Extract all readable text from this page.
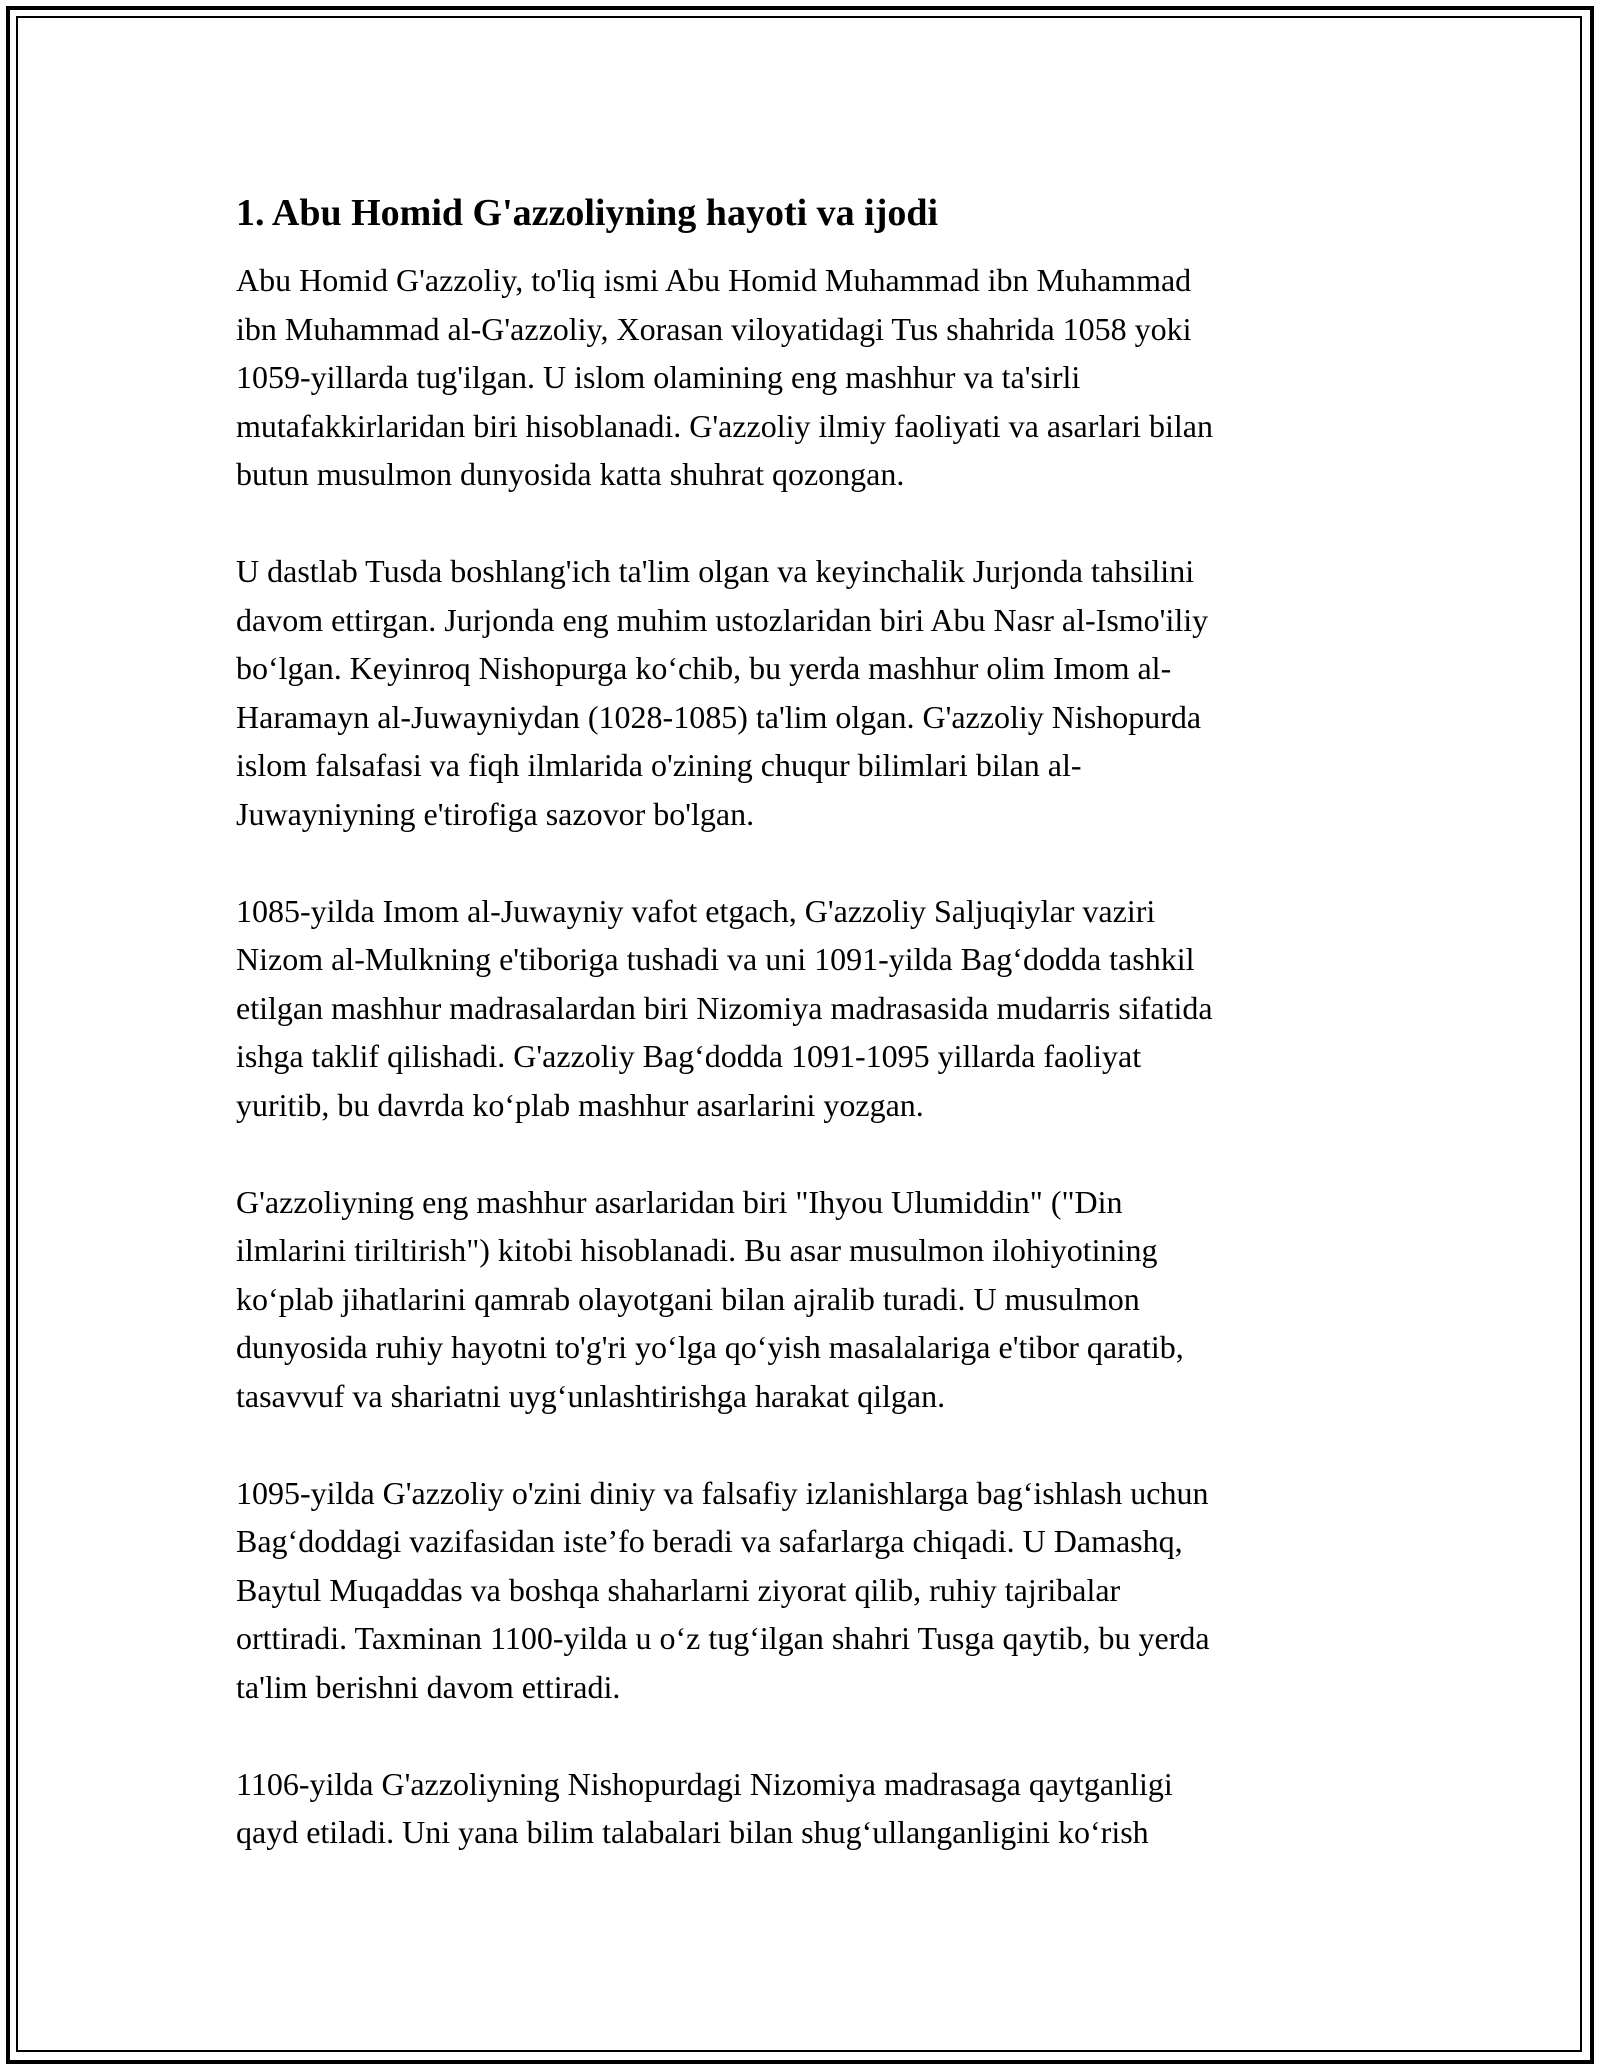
1. Abu Homid G'azzoliyning hayoti va ijodi

Abu Homid G'azzoliy, to'liq ismi Abu Homid Muhammad ibn Muhammad
ibn Muhammad al-G'azzoliy, Xorasan viloyatidagi Tus shahrida 1058 yoki
1059-yillarda tug'ilgan. U islom olamining eng mashhur va ta'sirli
mutafakkirlaridan biri hisoblanadi. G'azzoliy ilmiy faoliyati va asarlari bilan
butun musulmon dunyosida katta shuhrat qozongan.

U dastlab Tusda boshlang'ich ta'lim olgan va keyinchalik Jurjonda tahsilini
davom ettirgan. Jurjonda eng muhim ustozlaridan biri Abu Nasr al-Ismo'iliy
bo‘lgan. Keyinroq Nishopurga ko‘chib, bu yerda mashhur olim Imom al-
Haramayn al-Juwayniydan (1028-1085) ta'lim olgan. G'azzoliy Nishopurda
islom falsafasi va fiqh ilmlarida o'zining chuqur bilimlari bilan al-
Juwayniyning e'tirofiga sazovor bo'lgan.

1085-yilda Imom al-Juwayniy vafot etgach, G'azzoliy Saljuqiylar vaziri
Nizom al-Mulkning e'tiboriga tushadi va uni 1091-yilda Bag‘dodda tashkil
etilgan mashhur madrasalardan biri Nizomiya madrasasida mudarris sifatida
ishga taklif qilishadi. G'azzoliy Bag‘dodda 1091-1095 yillarda faoliyat
yuritib, bu davrda ko‘plab mashhur asarlarini yozgan.

G'azzoliyning eng mashhur asarlaridan biri "Ihyou Ulumiddin" ("Din
ilmlarini tiriltirish") kitobi hisoblanadi. Bu asar musulmon ilohiyotining
ko‘plab jihatlarini qamrab olayotgani bilan ajralib turadi. U musulmon
dunyosida ruhiy hayotni to'g'ri yo‘lga qo‘yish masalalariga e'tibor qaratib,
tasavvuf va shariatni uyg‘unlashtirishga harakat qilgan.

1095-yilda G'azzoliy o'zini diniy va falsafiy izlanishlarga bag‘ishlash uchun
Bag‘doddagi vazifasidan iste’fo beradi va safarlarga chiqadi. U Damashq,
Baytul Muqaddas va boshqa shaharlarni ziyorat qilib, ruhiy tajribalar
orttiradi. Taxminan 1100-yilda u o‘z tug‘ilgan shahri Tusga qaytib, bu yerda
ta'lim berishni davom ettiradi.

1106-yilda G'azzoliyning Nishopurdagi Nizomiya madrasaga qaytganligi
qayd etiladi. Uni yana bilim talabalari bilan shug‘ullanganligini ko‘rish
